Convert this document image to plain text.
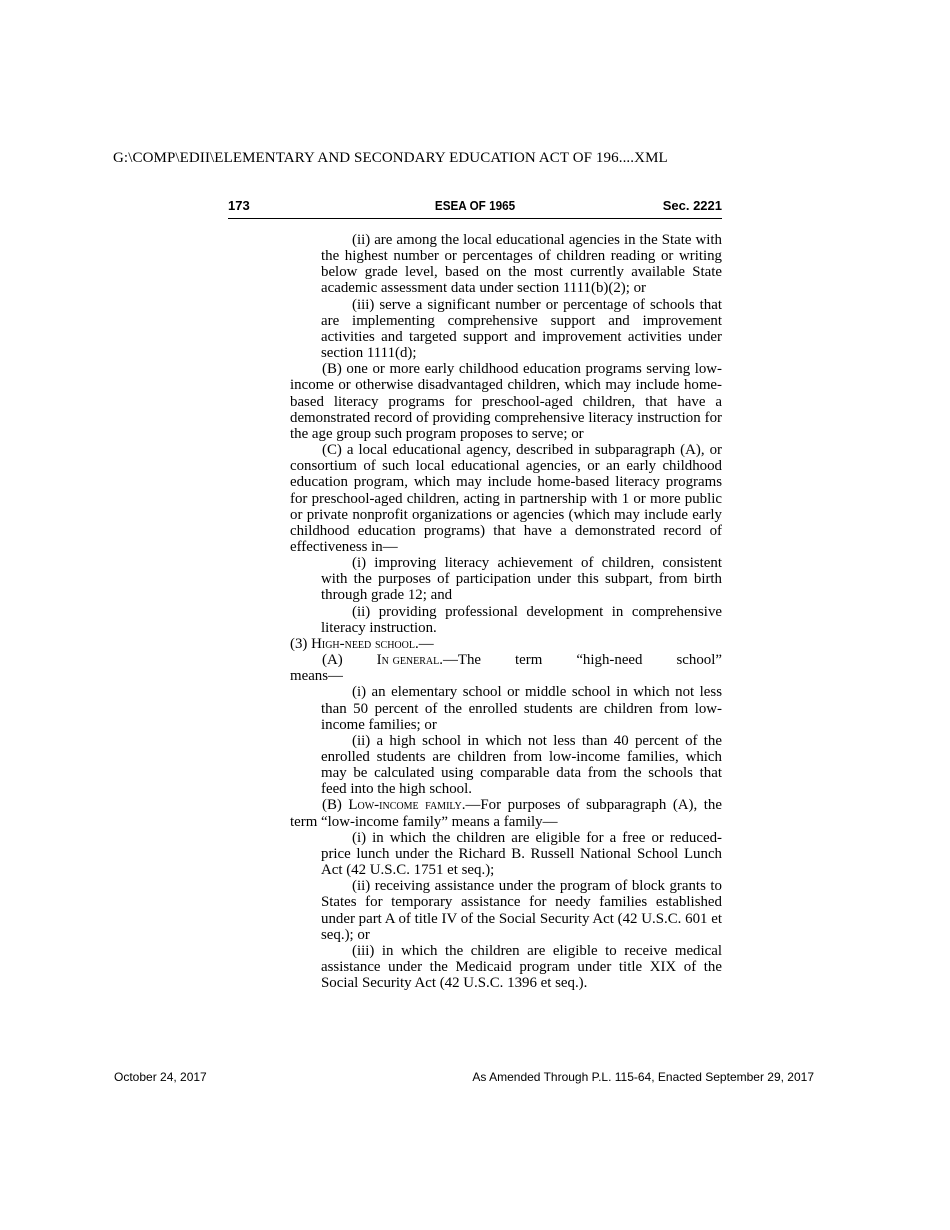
G:\COMP\EDII\ELEMENTARY AND SECONDARY EDUCATION ACT OF 196....XML
173	ESEA OF 1965	Sec. 2221

(ii) are among the local educational agencies in the State with the highest number or percentages of children reading or writing below grade level, based on the most currently available State academic assessment data under section 1111(b)(2); or

(iii) serve a significant number or percentage of schools that are implementing comprehensive support and improvement activities and targeted support and improvement activities under section 1111(d);

(B) one or more early childhood education programs serving low-income or otherwise disadvantaged children, which may include home-based literacy programs for preschool-aged children, that have a demonstrated record of providing comprehensive literacy instruction for the age group such program proposes to serve; or

(C) a local educational agency, described in subparagraph (A), or consortium of such local educational agencies, or an early childhood education program, which may include home-based literacy programs for preschool-aged children, acting in partnership with 1 or more public or private nonprofit organizations or agencies (which may include early childhood education programs) that have a demonstrated record of effectiveness in—

(i) improving literacy achievement of children, consistent with the purposes of participation under this subpart, from birth through grade 12; and

(ii) providing professional development in comprehensive literacy instruction.

(3) High-need school.—

(A) In
general .—The term “high-need school”

means—

(i) an elementary school or middle school in which not less than 50 percent of the enrolled students are children from low-income families; or

(ii) a high school in which not less than 40 percent of the enrolled students are children from low-income families, which may be calculated using comparable data from the schools that feed into the high school.

(B) Low-income family.—For purposes of subparagraph (A), the term “low-income family” means a family—

(i) in which the children are eligible for a free or reduced-price lunch under the Richard B. Russell National School Lunch Act (42 U.S.C. 1751 et seq.);

(ii) receiving assistance under the program of block grants to States for temporary assistance for needy families established under part A of title IV of the Social Security Act (42 U.S.C. 601 et seq.); or

(iii) in which the children are eligible to receive medical assistance under the Medicaid program under title XIX of the Social Security Act (42 U.S.C. 1396 et seq.).

October 24, 2017	As Amended Through P.L. 115-64, Enacted September 29, 2017
